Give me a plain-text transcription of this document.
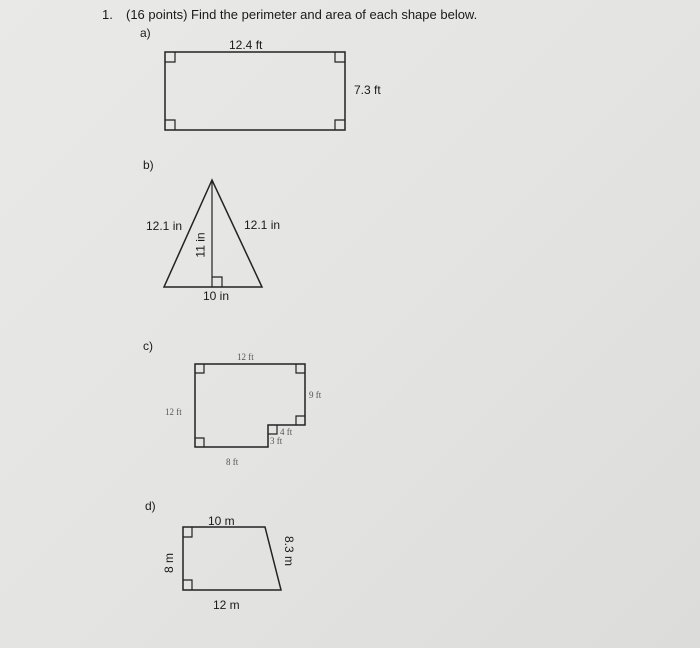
1. (16 points) Find the perimeter and area of each shape below.
a)
12.4 ft
7.3 ft
b)
12.1 in	12.1 in
11 in
10 in
c)
12 ft
9 ft
12 ft
4 ft
3 ft
8 ft
d)
10 m
8.3 m
8 m
12 m
